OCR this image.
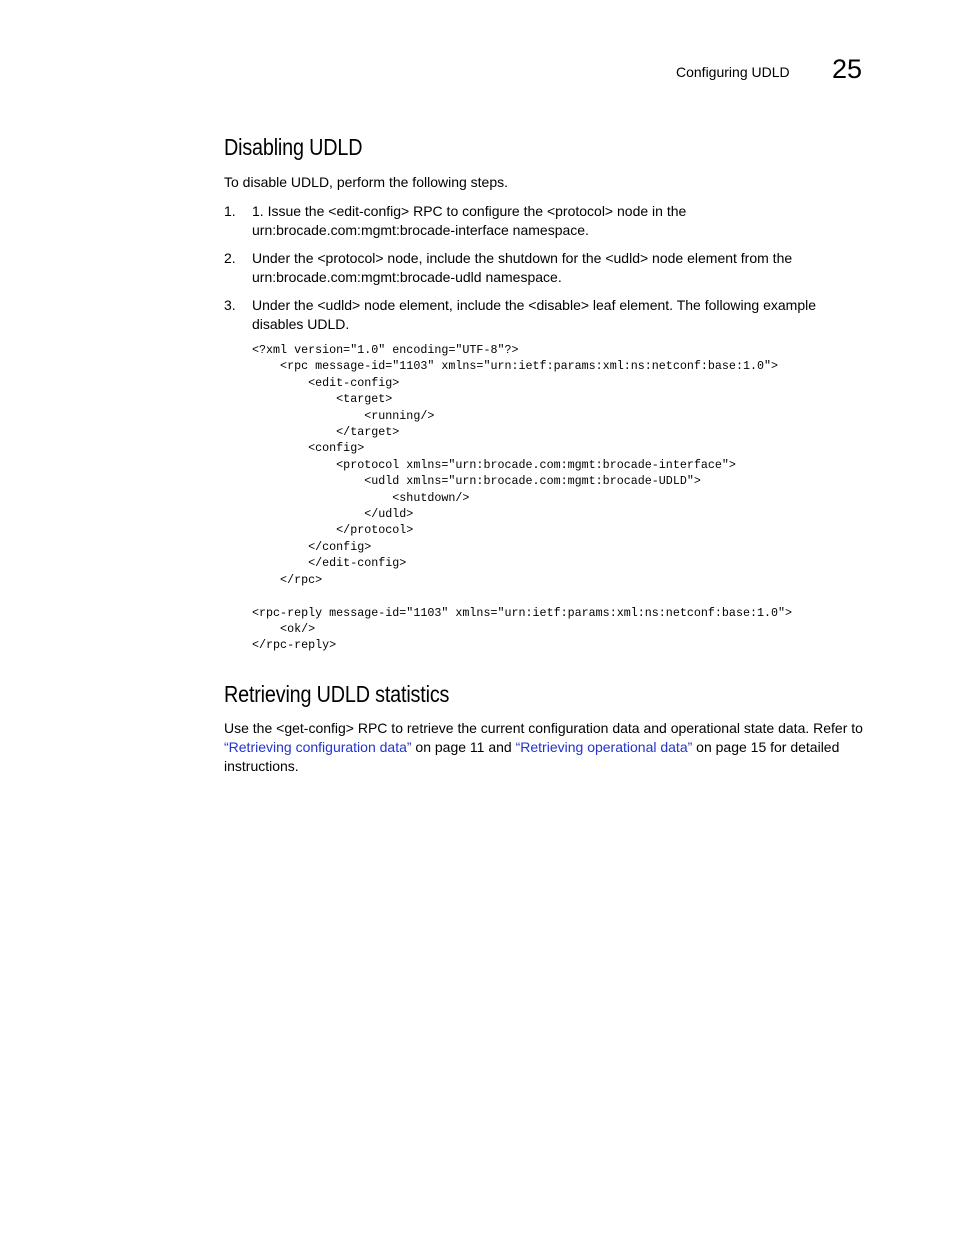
Configuring UDLD 25
Disabling UDLD
To disable UDLD, perform the following steps.
1. 1. Issue the <edit-config> RPC to configure the <protocol> node in the urn:brocade.com:mgmt:brocade-interface namespace.
2. Under the <protocol> node, include the shutdown for the <udld> node element from the urn:brocade.com:mgmt:brocade-udld namespace.
3. Under the <udld> node element, include the <disable> leaf element. The following example disables UDLD.
<?xml version="1.0" encoding="UTF-8"?>
<rpc message-id="1103" xmlns="urn:ietf:params:xml:ns:netconf:base:1.0">
<edit-config>
<target>
<running/>
</target>
<config>
<protocol xmlns="urn:brocade.com:mgmt:brocade-interface">
<udld xmlns="urn:brocade.com:mgmt:brocade-UDLD">
<shutdown/>
</udld>
</protocol>
</config>
</edit-config>
</rpc>

<rpc-reply message-id="1103" xmlns="urn:ietf:params:xml:ns:netconf:base:1.0">
<ok/>
</rpc-reply>
Retrieving UDLD statistics
Use the <get-config> RPC to retrieve the current configuration data and operational state data. Refer to “Retrieving configuration data” on page 11 and “Retrieving operational data” on page 15 for detailed instructions.
